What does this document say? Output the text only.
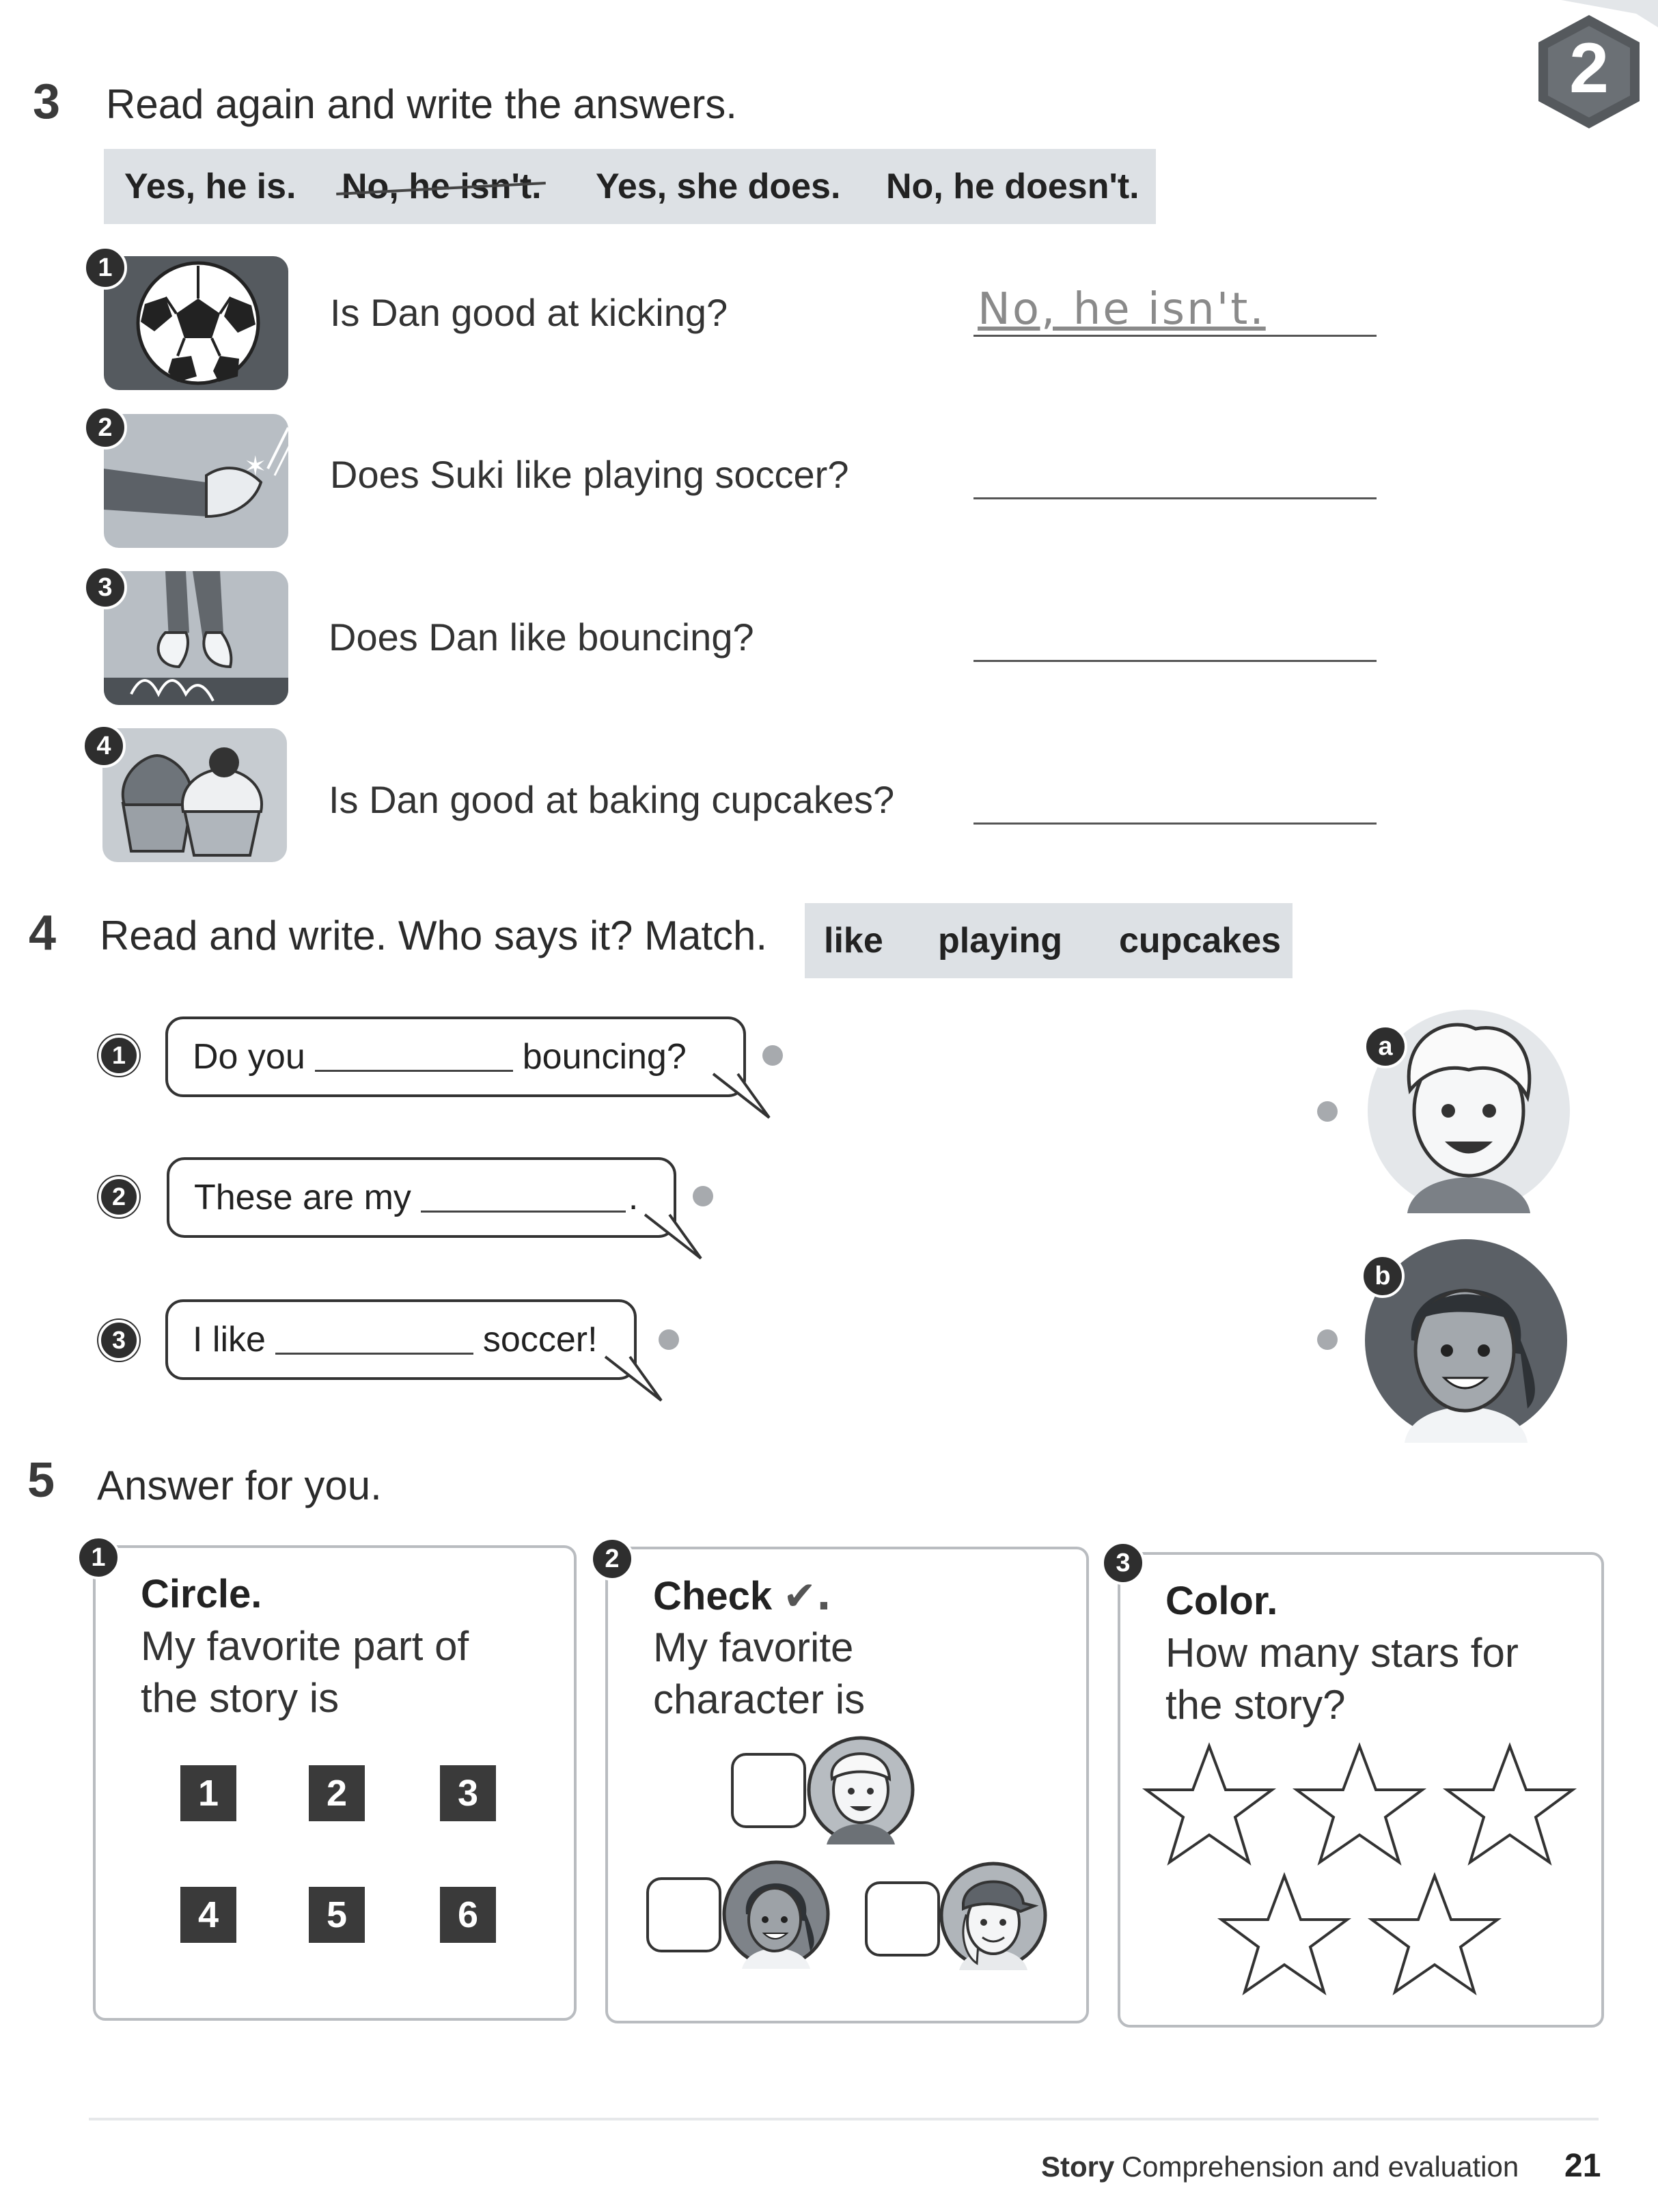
2
3 Read again and write the answers.
Yes, he is. No, he isn't. Yes, she does. No, he doesn't.
1
Is Dan good at kicking?	No, he isn't.
✶
2
Does Suki like playing soccer?
3
Does Dan like bouncing?
4
Is Dan good at baking cupcakes?
4 Read and write. Who says it? Match. like playing cupcakes
1	Do you	bouncing?
2	These are my	.
3	I like	soccer!
a
b
5 Answer for you.
Circle.
My favorite part of
the story is
1	2	3
4	5	6
1
Check ✔.
My favorite
character is
2
Color.
How many stars for
the story?
3
Story Comprehension and evaluation 21
